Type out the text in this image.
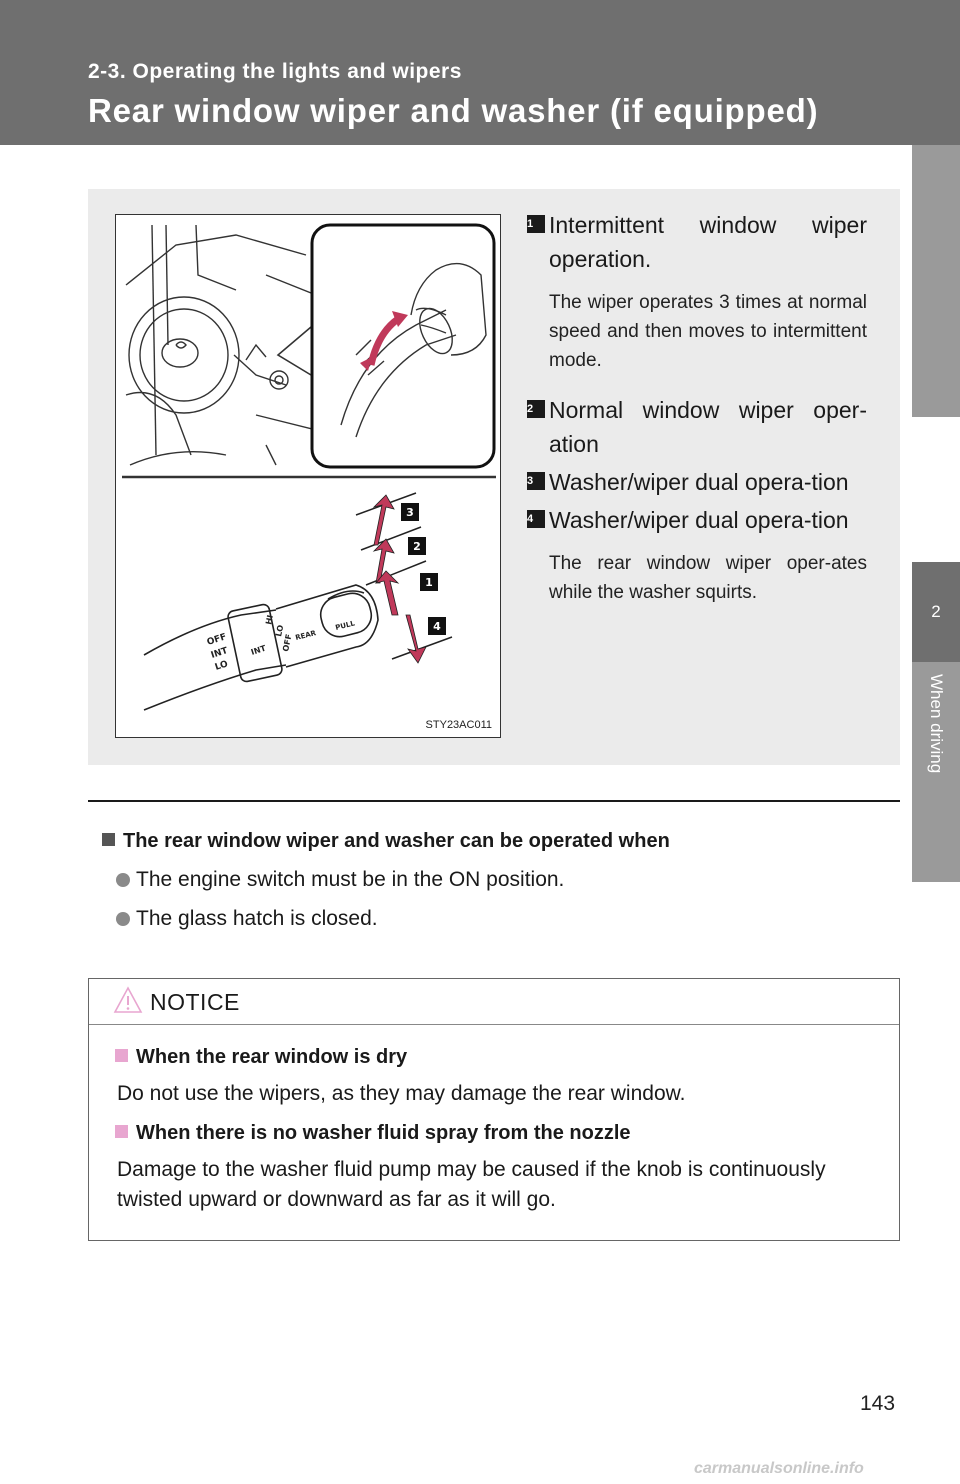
2-3. Operating the lights and wipers
Rear window wiper and washer (if equipped)
2
When driving
OFF
INT
LO
HI
LO
OFF
INT
REAR
PULL
3
2
1
4
STY23AC011
1 Intermittent window wiper operation.
The wiper operates 3 times at normal speed and then moves to intermittent mode.
2 Normal window wiper oper-ation
3 Washer/wiper dual opera-tion
4 Washer/wiper dual opera-tion
The rear window wiper oper-ates while the washer squirts.
The rear window wiper and washer can be operated when
The engine switch must be in the ON position.
The glass hatch is closed.
NOTICE
When the rear window is dry
Do not use the wipers, as they may damage the rear window.
When there is no washer fluid spray from the nozzle
Damage to the washer fluid pump may be caused if the knob is continuously twisted upward or downward as far as it will go.
143
carmanualsonline.info
